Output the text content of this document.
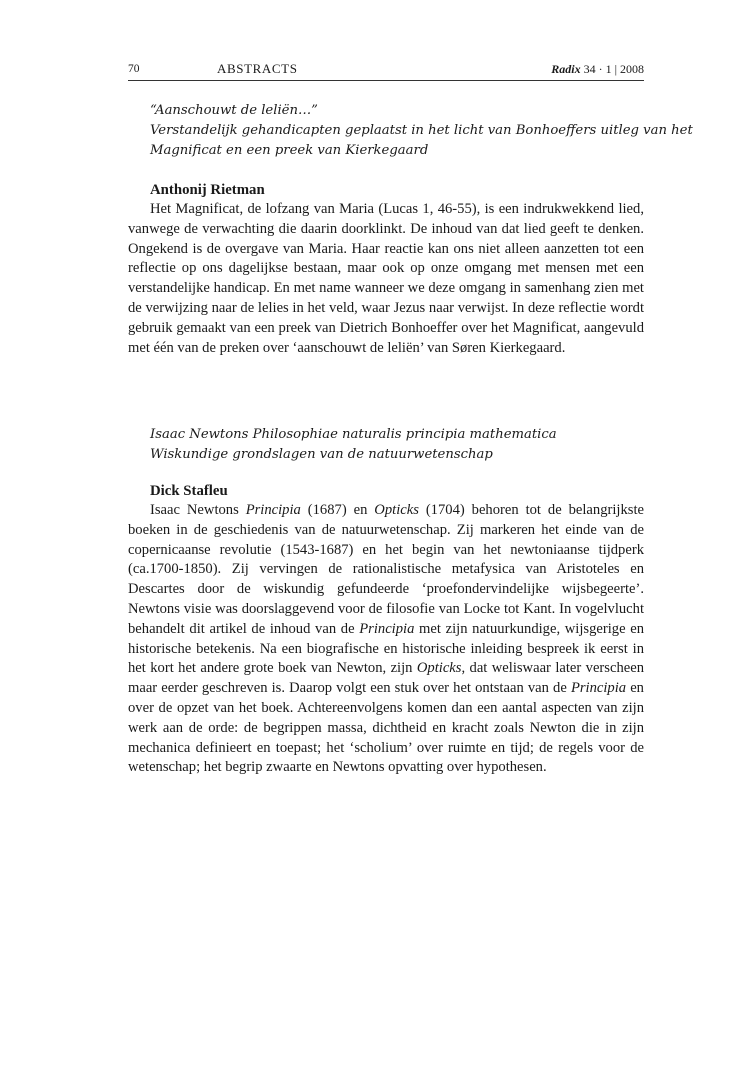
70	ABSTRACTS	Radix 34 · 1 | 2008
“Aanschouwt de leliën…”
Verstandelijk gehandicapten geplaatst in het licht van Bonhoeffers uitleg van het
Magnificat en een preek van Kierkegaard
Anthonij Rietman

Het Magnificat, de lofzang van Maria (Lucas 1, 46-55), is een indrukwekkend lied, vanwege de verwachting die daarin doorklinkt. De inhoud van dat lied geeft te denken. Ongekend is de overgave van Maria. Haar reactie kan ons niet alleen aanzetten tot een reflectie op ons dagelijkse bestaan, maar ook op onze omgang met mensen met een verstandelijke handicap. En met name wanneer we deze omgang in samenhang zien met de verwijzing naar de lelies in het veld, waar Jezus naar verwijst. In deze reflectie wordt gebruik gemaakt van een preek van Dietrich Bonhoeffer over het Magnificat, aangevuld met één van de preken over ‘aanschouwt de leliën’ van Søren Kierkegaard.

Isaac Newtons Philosophiae naturalis principia mathematica
Wiskundige grondslagen van de natuurwetenschap
Dick Stafleu

Isaac Newtons Principia (1687) en Opticks (1704) behoren tot de belangrijkste boeken in de geschiedenis van de natuurwetenschap. Zij markeren het einde van de copernicaanse revolutie (1543-1687) en het begin van het newtoniaanse tijdperk (ca.1700-1850). Zij vervingen de rationalistische metafysica van Aristoteles en Descartes door de wiskundig gefundeerde ‘proefondervindelijke wijsbegeerte’. Newtons visie was doorslaggevend voor de filosofie van Locke tot Kant. In vogelvlucht behandelt dit artikel de inhoud van de Principia met zijn natuurkundige, wijsgerige en historische betekenis. Na een biografische en historische inleiding bespreek ik eerst in het kort het andere grote boek van Newton, zijn Opticks, dat weliswaar later verscheen maar eerder geschreven is. Daarop volgt een stuk over het ontstaan van de Principia en over de opzet van het boek. Achtereenvolgens komen dan een aantal aspecten van zijn werk aan de orde: de begrippen massa, dichtheid en kracht zoals Newton die in zijn mechanica definieert en toepast; het ‘scholium’ over ruimte en tijd; de regels voor de wetenschap; het begrip zwaarte en Newtons opvatting over hypothesen.
